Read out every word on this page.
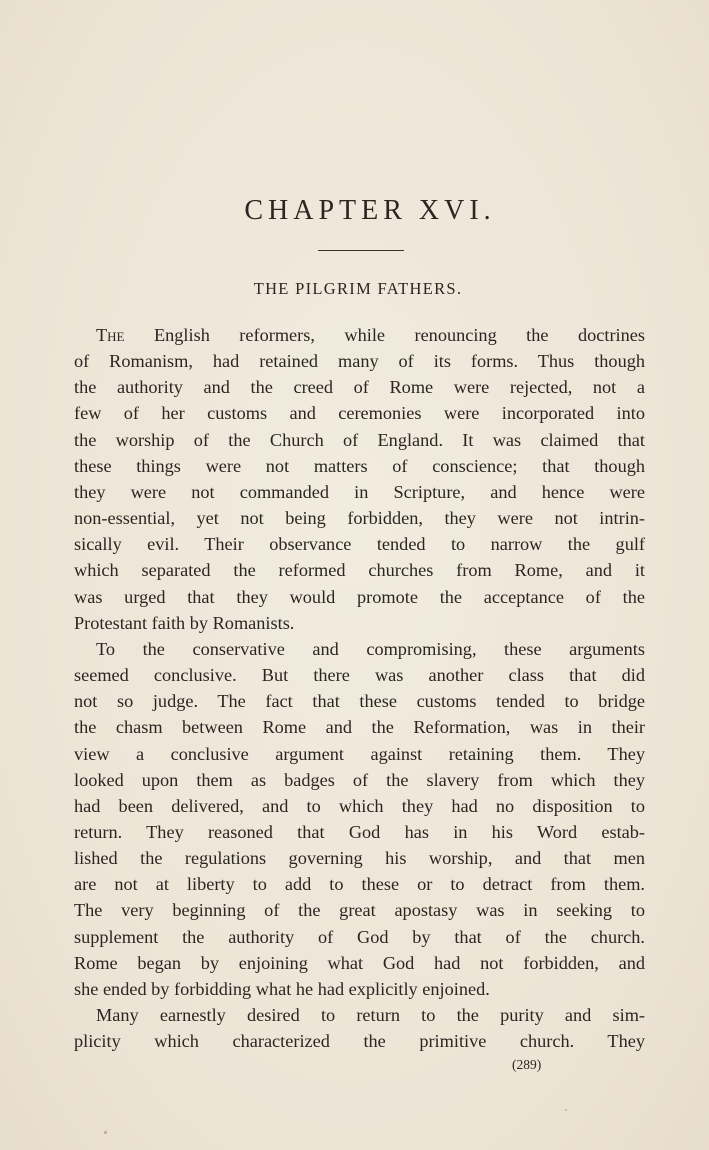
CHAPTER XVI.
THE PILGRIM FATHERS.
The English reformers, while renouncing the doctrines
of Romanism, had retained many of its forms. Thus though
the authority and the creed of Rome were rejected, not a
few of her customs and ceremonies were incorporated into
the worship of the Church of England. It was claimed that
these things were not matters of conscience; that though
they were not commanded in Scripture, and hence were
non-essential, yet not being forbidden, they were not intrin-
sically evil. Their observance tended to narrow the gulf
which separated the reformed churches from Rome, and it
was urged that they would promote the acceptance of the
Protestant faith by Romanists.
To the conservative and compromising, these arguments
seemed conclusive. But there was another class that did
not so judge. The fact that these customs tended to bridge
the chasm between Rome and the Reformation, was in their
view a conclusive argument against retaining them. They
looked upon them as badges of the slavery from which they
had been delivered, and to which they had no disposition to
return. They reasoned that God has in his Word estab-
lished the regulations governing his worship, and that men
are not at liberty to add to these or to detract from them.
The very beginning of the great apostasy was in seeking to
supplement the authority of God by that of the church.
Rome began by enjoining what God had not forbidden, and
she ended by forbidding what he had explicitly enjoined.
Many earnestly desired to return to the purity and sim-
plicity which characterized the primitive church. They

(289)
